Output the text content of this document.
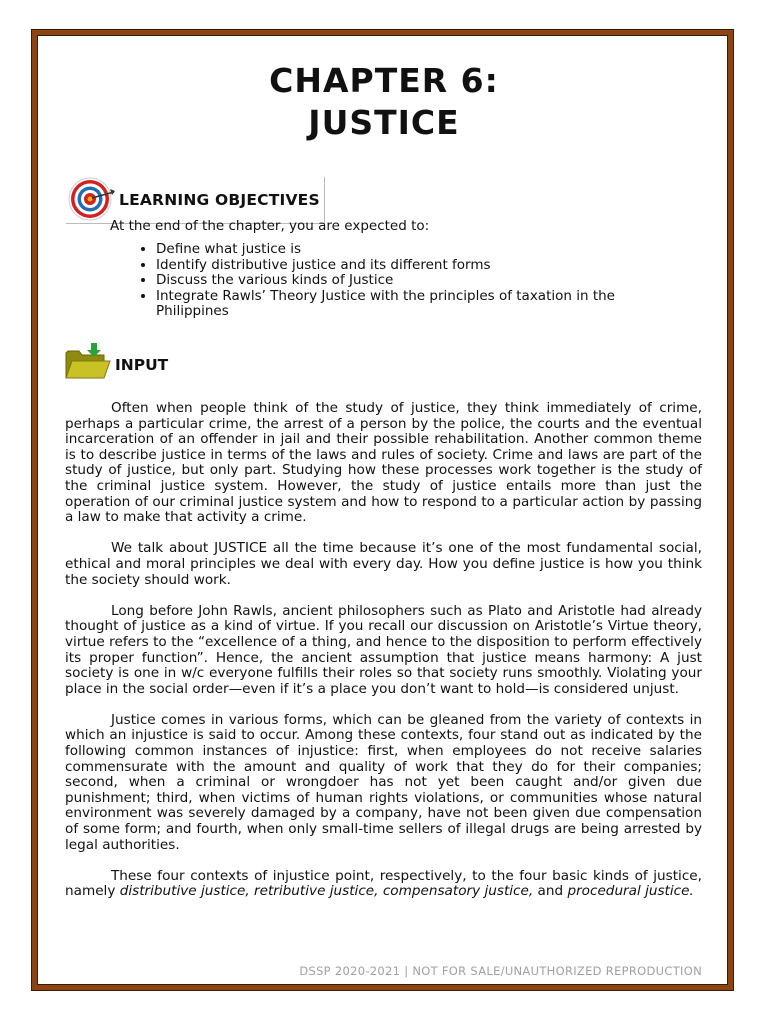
CHAPTER 6:
JUSTICE
LEARNING OBJECTIVES

At the end of the chapter, you are expected to:

• Define what justice is
• Identify distributive justice and its different forms
• Discuss the various kinds of Justice
• Integrate Rawls’ Theory Justice with the principles of taxation in the Philippines
INPUT

Often when people think of the study of justice, they think immediately of crime, perhaps a particular crime, the arrest of a person by the police, the courts and the eventual incarceration of an offender in jail and their possible rehabilitation. Another common theme is to describe justice in terms of the laws and rules of society. Crime and laws are part of the study of justice, but only part. Studying how these processes work together is the study of the criminal justice system. However, the study of justice entails more than just the operation of our criminal justice system and how to respond to a particular action by passing a law to make that activity a crime.

We talk about JUSTICE all the time because it’s one of the most fundamental social, ethical and moral principles we deal with every day. How you define justice is how you think the society should work.

Long before John Rawls, ancient philosophers such as Plato and Aristotle had already thought of justice as a kind of virtue. If you recall our discussion on Aristotle’s Virtue theory, virtue refers to the “excellence of a thing, and hence to the disposition to perform effectively its proper function”. Hence, the ancient assumption that justice means harmony: A just society is one in w/c everyone fulfills their roles so that society runs smoothly. Violating your place in the social order—even if it’s a place you don’t want to hold—is considered unjust.

Justice comes in various forms, which can be gleaned from the variety of contexts in which an injustice is said to occur. Among these contexts, four stand out as indicated by the following common instances of injustice: first, when employees do not receive salaries commensurate with the amount and quality of work that they do for their companies; second, when a criminal or wrongdoer has not yet been caught and/or given due punishment; third, when victims of human rights violations, or communities whose natural environment was severely damaged by a company, have not been given due compensation of some form; and fourth, when only small-time sellers of illegal drugs are being arrested by legal authorities.

These four contexts of injustice point, respectively, to the four basic kinds of justice, namely distributive justice, retributive justice, compensatory justice, and procedural justice.

DSSP 2020-2021 | NOT FOR SALE/UNAUTHORIZED REPRODUCTION
